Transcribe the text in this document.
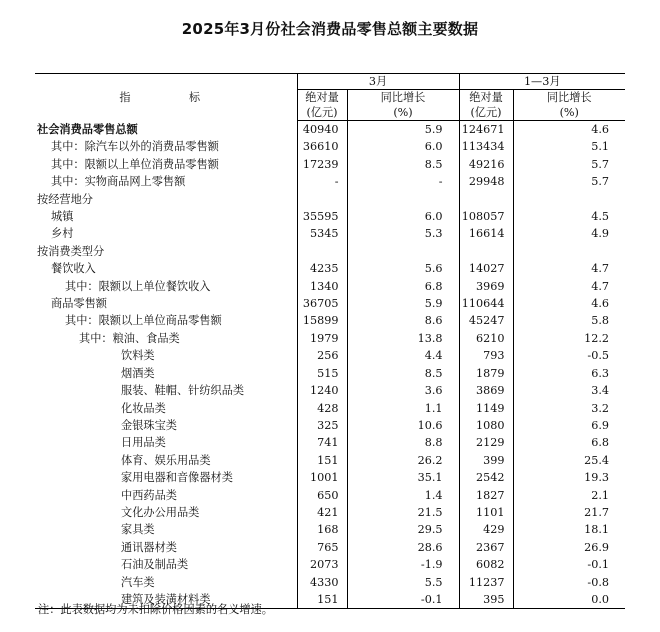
2025年3月份社会消费品零售总额主要数据
指　　标	3月		1—3月	
	绝对量	同比增长	绝对量	同比增长
	(亿元)	(%)	(亿元)	(%)
社会消费品零售总额	40940	5.9	124671	4.6
其中：除汽车以外的消费品零售额	36610	6.0	113434	5.1
其中：限额以上单位消费品零售额	17239	8.5	49216	5.7
其中：实物商品网上零售额	-	-	29948	5.7
按经营地分				
城镇	35595	6.0	108057	4.5
乡村	5345	5.3	16614	4.9
按消费类型分				
餐饮收入	4235	5.6	14027	4.7
其中：限额以上单位餐饮收入	1340	6.8	3969	4.7
商品零售额	36705	5.9	110644	4.6
其中：限额以上单位商品零售额	15899	8.6	45247	5.8
其中：粮油、食品类	1979	13.8	6210	12.2
饮料类	256	4.4	793	-0.5
烟酒类	515	8.5	1879	6.3
服装、鞋帽、针纺织品类	1240	3.6	3869	3.4
化妆品类	428	1.1	1149	3.2
金银珠宝类	325	10.6	1080	6.9
日用品类	741	8.8	2129	6.8
体育、娱乐用品类	151	26.2	399	25.4
家用电器和音像器材类	1001	35.1	2542	19.3
中西药品类	650	1.4	1827	2.1
文化办公用品类	421	21.5	1101	21.7
家具类	168	29.5	429	18.1
通讯器材类	765	28.6	2367	26.9
石油及制品类	2073	-1.9	6082	-0.1
汽车类	4330	5.5	11237	-0.8
建筑及装潢材料类	151	-0.1	395	0.0
注：此表数据均为未扣除价格因素的名义增速。
